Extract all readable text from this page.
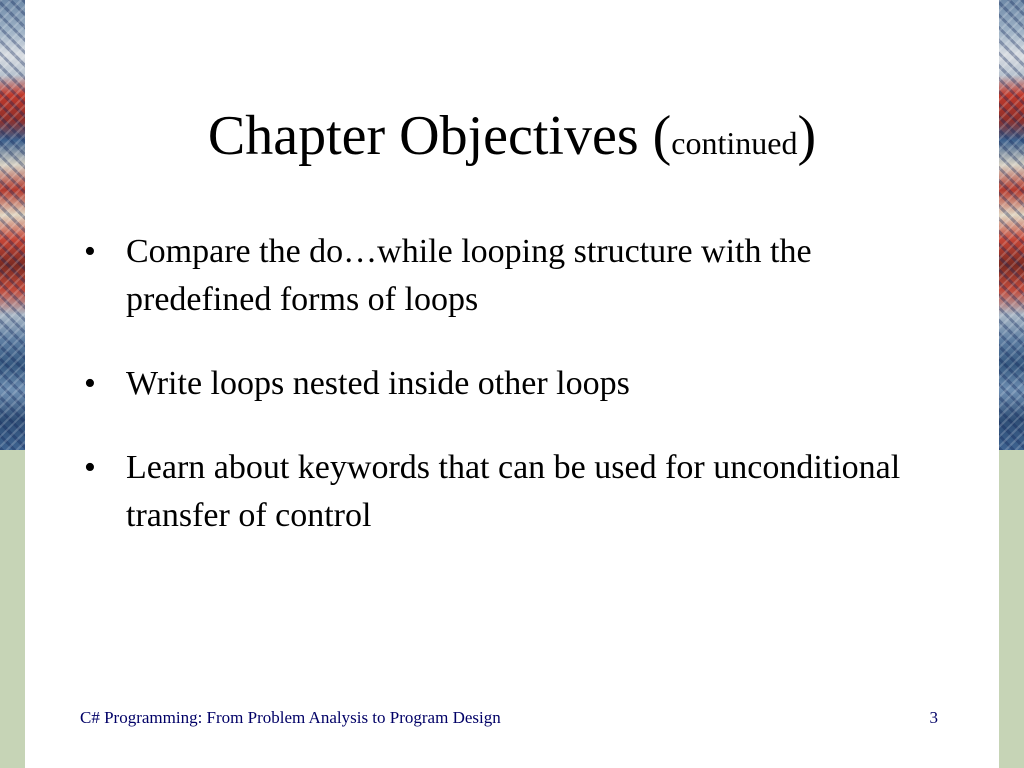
Chapter Objectives (continued)
• Compare the do…while looping structure with the predefined forms of loops
• Write loops nested inside other loops
• Learn about keywords that can be used for unconditional transfer of control
C# Programming: From Problem Analysis to Program Design	3
